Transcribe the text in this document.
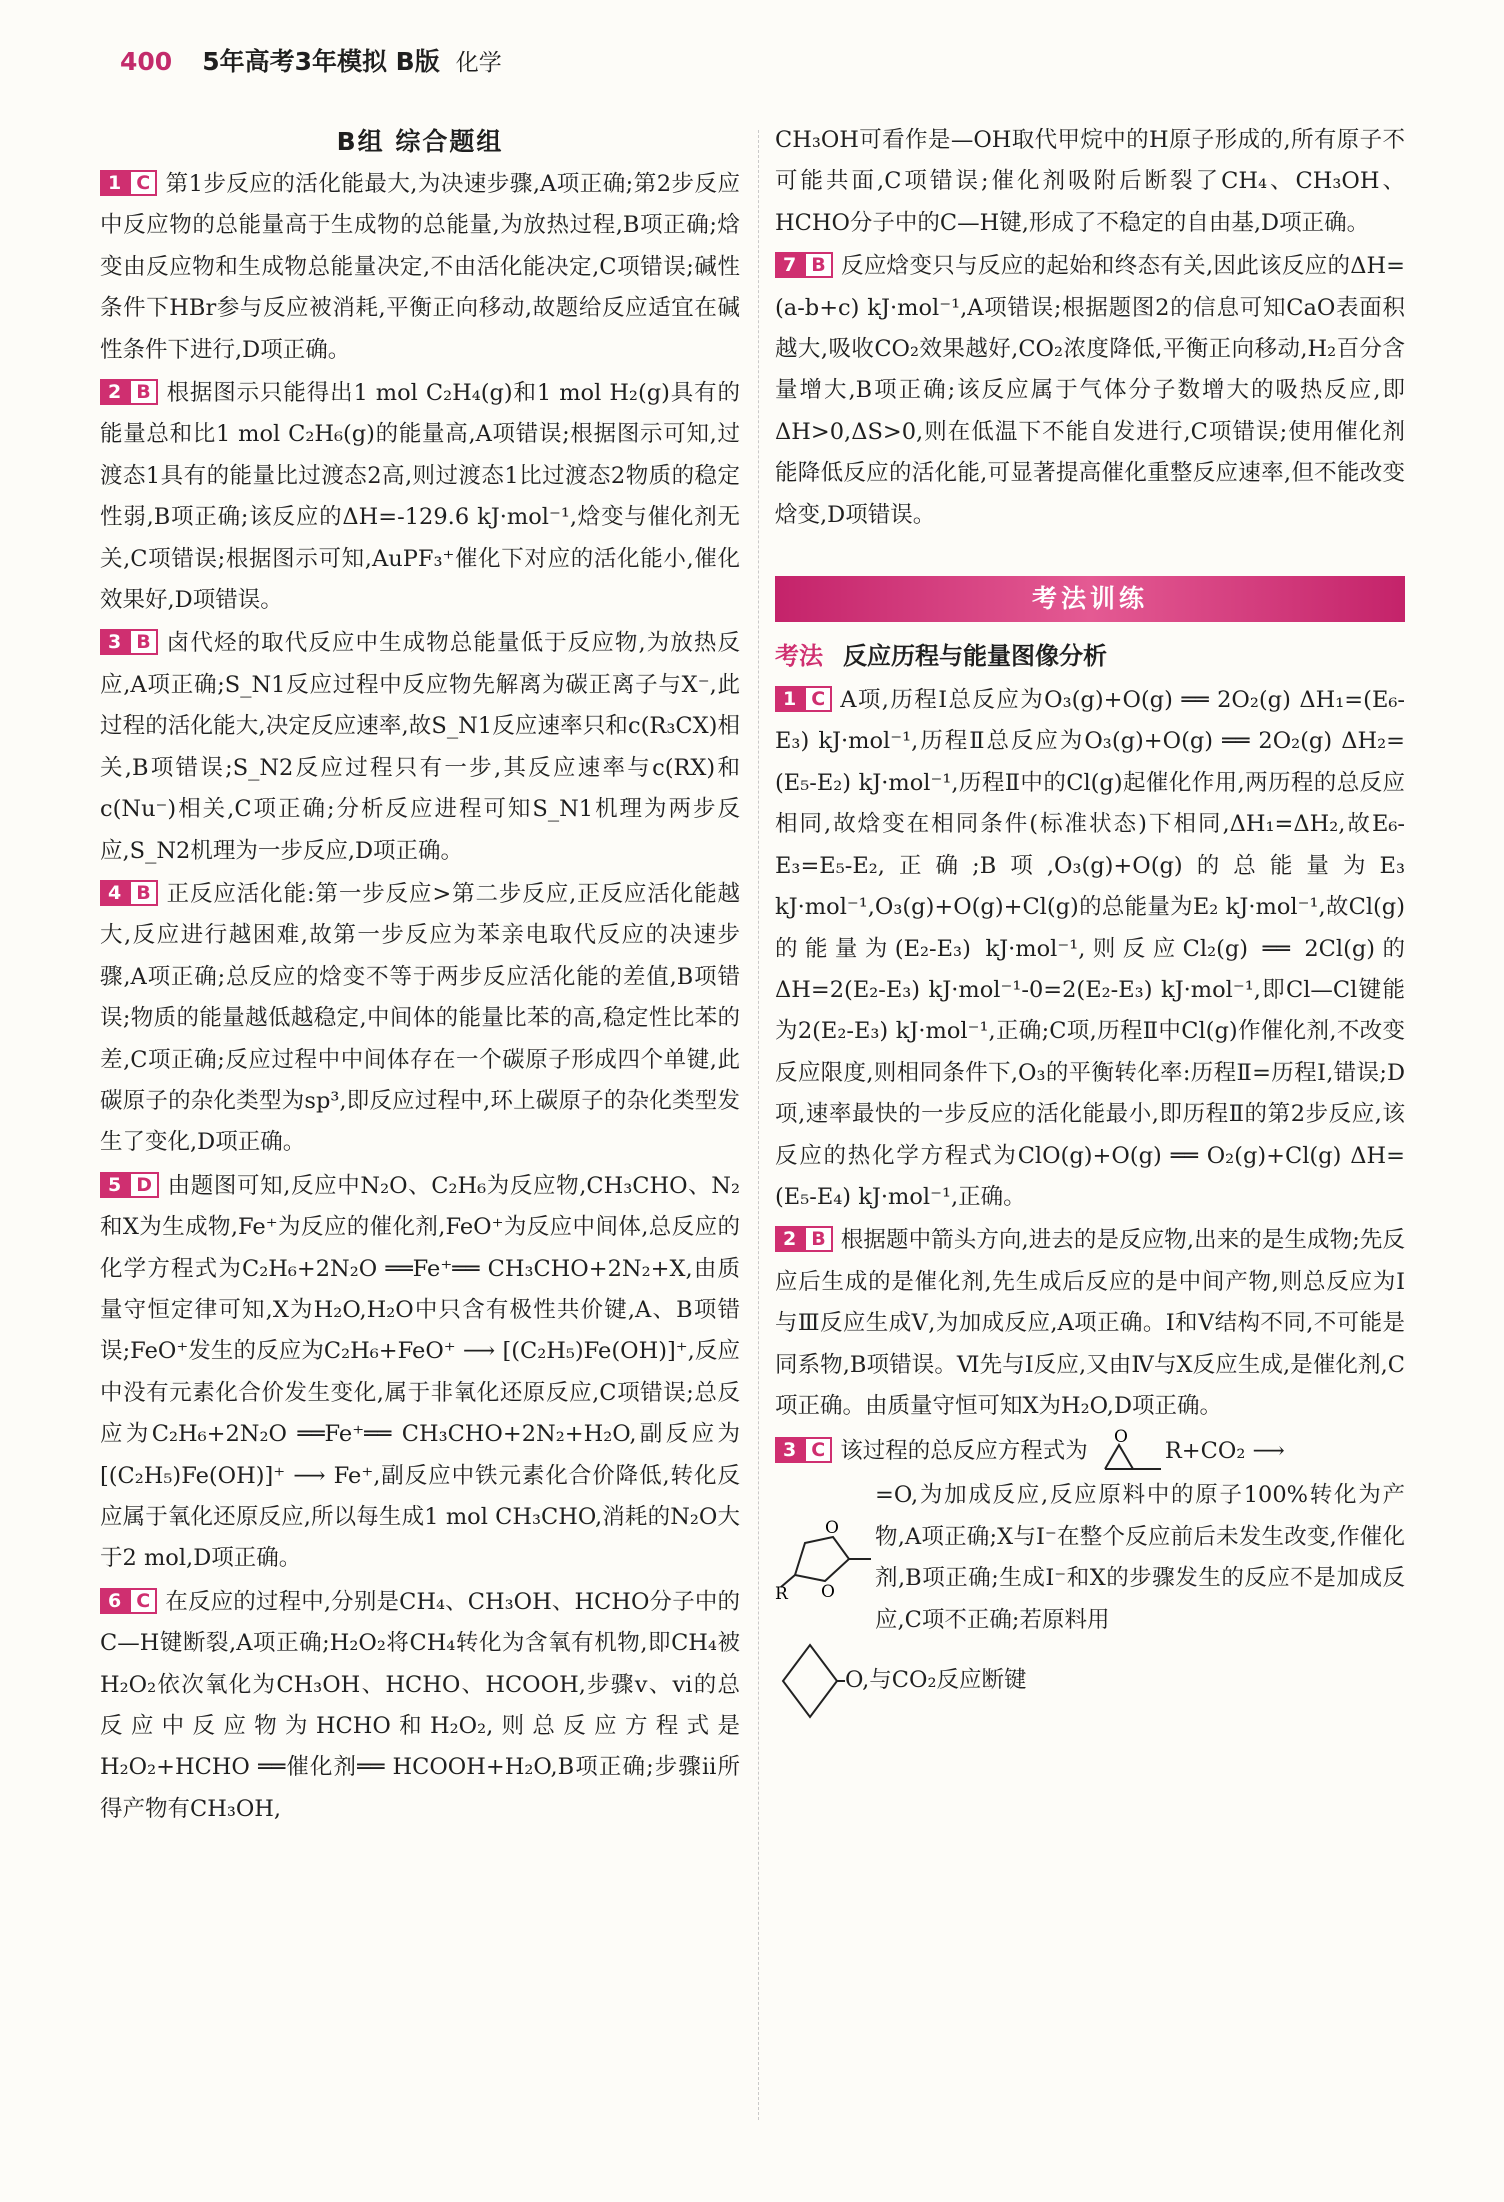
400 5年高考3年模拟 B版 化学
B组 综合题组
1 C 第1步反应的活化能最大,为决速步骤,A项正确;第2步反应中反应物的总能量高于生成物的总能量,为放热过程,B项正确;焓变由反应物和生成物总能量决定,不由活化能决定,C项错误;碱性条件下HBr参与反应被消耗,平衡正向移动,故题给反应适宜在碱性条件下进行,D项正确。
2 B 根据图示只能得出1 mol C₂H₄(g)和1 mol H₂(g)具有的能量总和比1 mol C₂H₆(g)的能量高,A项错误;根据图示可知,过渡态1具有的能量比过渡态2高,则过渡态1比过渡态2物质的稳定性弱,B项正确;该反应的ΔH=-129.6 kJ·mol⁻¹,焓变与催化剂无关,C项错误;根据图示可知,AuPF₃⁺催化下对应的活化能小,催化效果好,D项错误。
3 B 卤代烃的取代反应中生成物总能量低于反应物,为放热反应,A项正确;S_N1反应过程中反应物先解离为碳正离子与X⁻,此过程的活化能大,决定反应速率,故S_N1反应速率只和c(R₃CX)相关,B项错误;S_N2反应过程只有一步,其反应速率与c(RX)和c(Nu⁻)相关,C项正确;分析反应进程可知S_N1机理为两步反应,S_N2机理为一步反应,D项正确。
4 B 正反应活化能:第一步反应>第二步反应,正反应活化能越大,反应进行越困难,故第一步反应为苯亲电取代反应的决速步骤,A项正确;总反应的焓变不等于两步反应活化能的差值,B项错误;物质的能量越低越稳定,中间体的能量比苯的高,稳定性比苯的差,C项正确;反应过程中中间体存在一个碳原子形成四个单键,此碳原子的杂化类型为sp³,即反应过程中,环上碳原子的杂化类型发生了变化,D项正确。
5 D 由题图可知,反应中N₂O、C₂H₆为反应物,CH₃CHO、N₂和X为生成物,Fe⁺为反应的催化剂,FeO⁺为反应中间体,总反应的化学方程式为C₂H₆+2N₂O ══Fe⁺══ CH₃CHO+2N₂+X,由质量守恒定律可知,X为H₂O,H₂O中只含有极性共价键,A、B项错误;FeO⁺发生的反应为C₂H₆+FeO⁺ ⟶ [(C₂H₅)Fe(OH)]⁺,反应中没有元素化合价发生变化,属于非氧化还原反应,C项错误;总反应为C₂H₆+2N₂O ══Fe⁺══ CH₃CHO+2N₂+H₂O,副反应为[(C₂H₅)Fe(OH)]⁺ ⟶ Fe⁺,副反应中铁元素化合价降低,转化反应属于氧化还原反应,所以每生成1 mol CH₃CHO,消耗的N₂O大于2 mol,D项正确。
6 C 在反应的过程中,分别是CH₄、CH₃OH、HCHO分子中的C—H键断裂,A项正确;H₂O₂将CH₄转化为含氧有机物,即CH₄被H₂O₂依次氧化为CH₃OH、HCHO、HCOOH,步骤ⅴ、ⅵ的总反应中反应物为HCHO和H₂O₂,则总反应方程式是H₂O₂+HCHO ══催化剂══ HCOOH+H₂O,B项正确;步骤ⅱ所得产物有CH₃OH,
CH₃OH可看作是—OH取代甲烷中的H原子形成的,所有原子不可能共面,C项错误;催化剂吸附后断裂了CH₄、CH₃OH、HCHO分子中的C—H键,形成了不稳定的自由基,D项正确。
7 B 反应焓变只与反应的起始和终态有关,因此该反应的ΔH=(a-b+c) kJ·mol⁻¹,A项错误;根据题图2的信息可知CaO表面积越大,吸收CO₂效果越好,CO₂浓度降低,平衡正向移动,H₂百分含量增大,B项正确;该反应属于气体分子数增大的吸热反应,即ΔH>0,ΔS>0,则在低温下不能自发进行,C项错误;使用催化剂能降低反应的活化能,可显著提高催化重整反应速率,但不能改变焓变,D项错误。
考法训练
考法 反应历程与能量图像分析
1 C A项,历程Ⅰ总反应为O₃(g)+O(g) ══ 2O₂(g) ΔH₁=(E₆-E₃) kJ·mol⁻¹,历程Ⅱ总反应为O₃(g)+O(g) ══ 2O₂(g) ΔH₂=(E₅-E₂) kJ·mol⁻¹,历程Ⅱ中的Cl(g)起催化作用,两历程的总反应相同,故焓变在相同条件(标准状态)下相同,ΔH₁=ΔH₂,故E₆-E₃=E₅-E₂,正确;B项,O₃(g)+O(g)的总能量为E₃ kJ·mol⁻¹,O₃(g)+O(g)+Cl(g)的总能量为E₂ kJ·mol⁻¹,故Cl(g)的能量为(E₂-E₃) kJ·mol⁻¹,则反应Cl₂(g) ══ 2Cl(g)的ΔH=2(E₂-E₃) kJ·mol⁻¹-0=2(E₂-E₃) kJ·mol⁻¹,即Cl—Cl键能为2(E₂-E₃) kJ·mol⁻¹,正确;C项,历程Ⅱ中Cl(g)作催化剂,不改变反应限度,则相同条件下,O₃的平衡转化率:历程Ⅱ=历程Ⅰ,错误;D项,速率最快的一步反应的活化能最小,即历程Ⅱ的第2步反应,该反应的热化学方程式为ClO(g)+O(g) ══ O₂(g)+Cl(g) ΔH=(E₅-E₄) kJ·mol⁻¹,正确。
2 B 根据题中箭头方向,进去的是反应物,出来的是生成物;先反应后生成的是催化剂,先生成后反应的是中间产物,则总反应为Ⅰ与Ⅲ反应生成Ⅴ,为加成反应,A项正确。Ⅰ和Ⅴ结构不同,不可能是同系物,B项错误。Ⅵ先与Ⅰ反应,又由Ⅳ与X反应生成,是催化剂,C项正确。由质量守恒可知X为H₂O,D项正确。
3 C 该过程的总反应方程式为
O
R+CO₂ ⟶
O
O
R
=O,为加成反应,反应原料中的原子100%转化为产物,A项正确;X与I⁻在整个反应前后未发生改变,作催化剂,B项正确;生成I⁻和X的步骤发生的反应不是加成反应,C项不正确;若原料用
O,与CO₂反应断键
